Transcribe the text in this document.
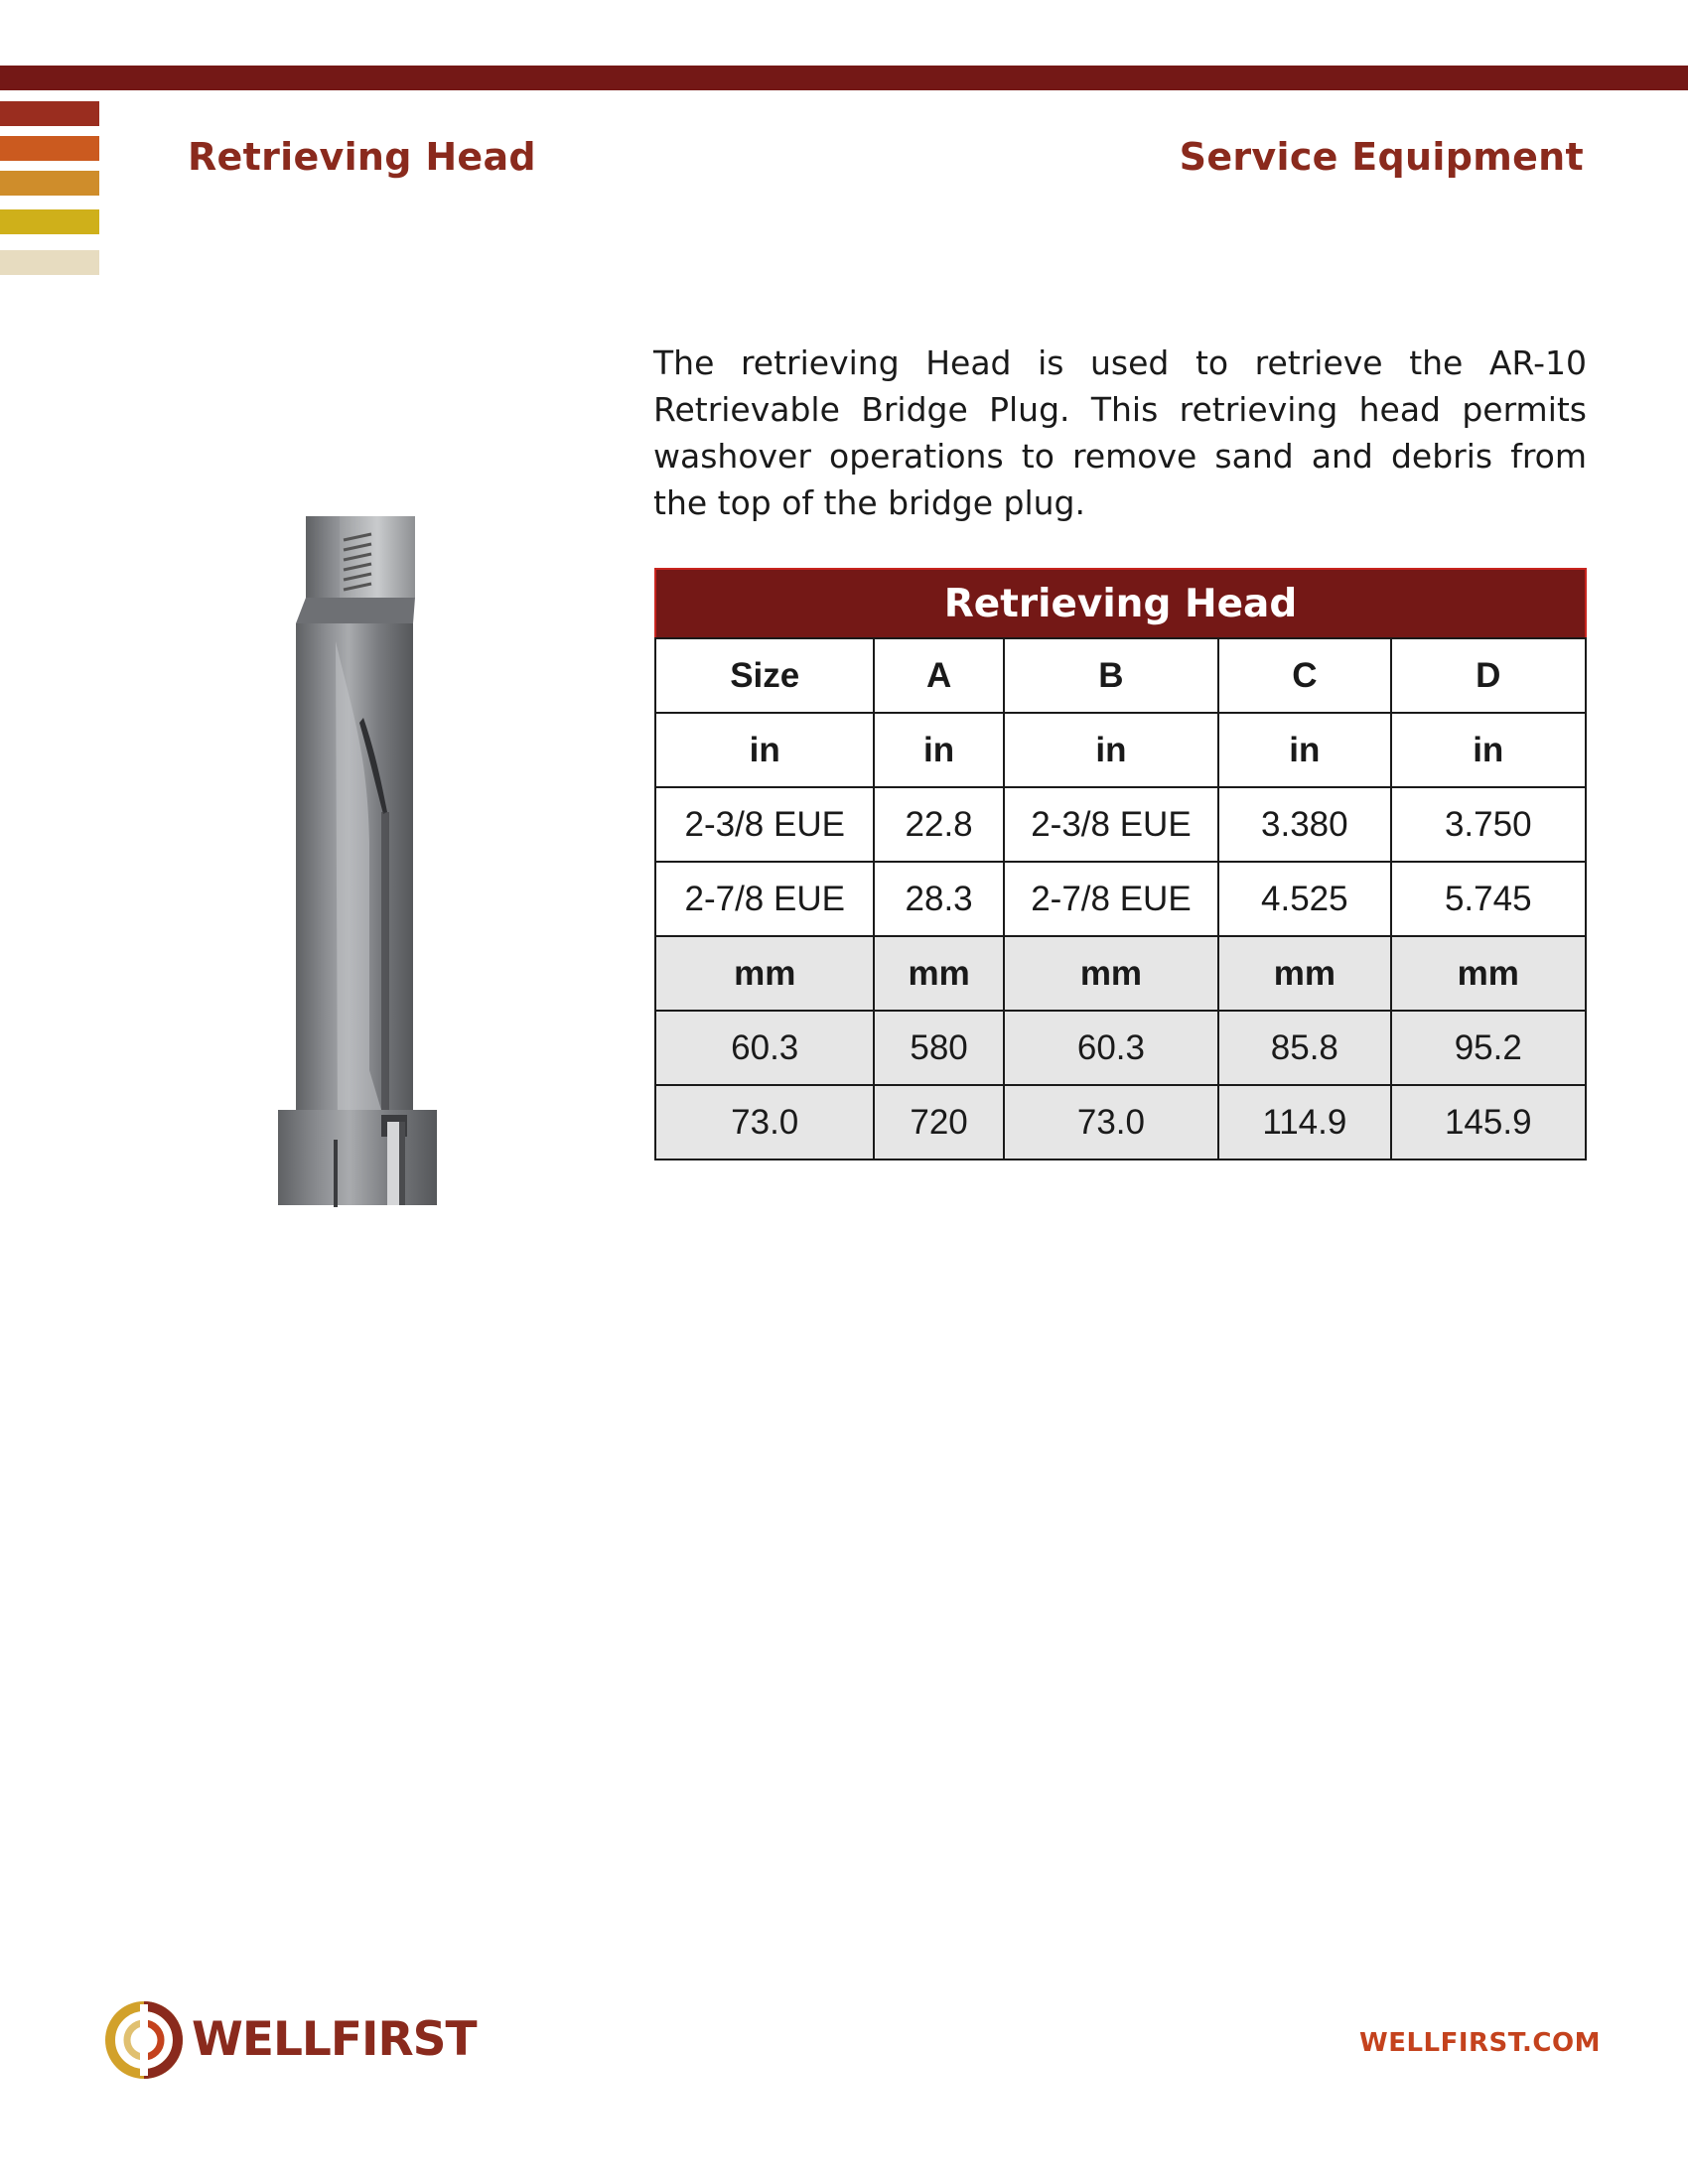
Retrieving Head	Service Equipment

The retrieving Head is used to retrieve the AR-10 Retrievable Bridge Plug. This retrieving head permits washover operations to remove sand and debris from the top of the bridge plug.

Retrieving Head				
Size	A	B	C	D
in	in	in	in	in
2-3/8 EUE	22.8	2-3/8 EUE	3.380	3.750
2-7/8 EUE	28.3	2-7/8 EUE	4.525	5.745
mm	mm	mm	mm	mm
60.3	580	60.3	85.8	95.2
73.0	720	73.0	114.9	145.9
WELLFIRST	WELLFIRST.COM
